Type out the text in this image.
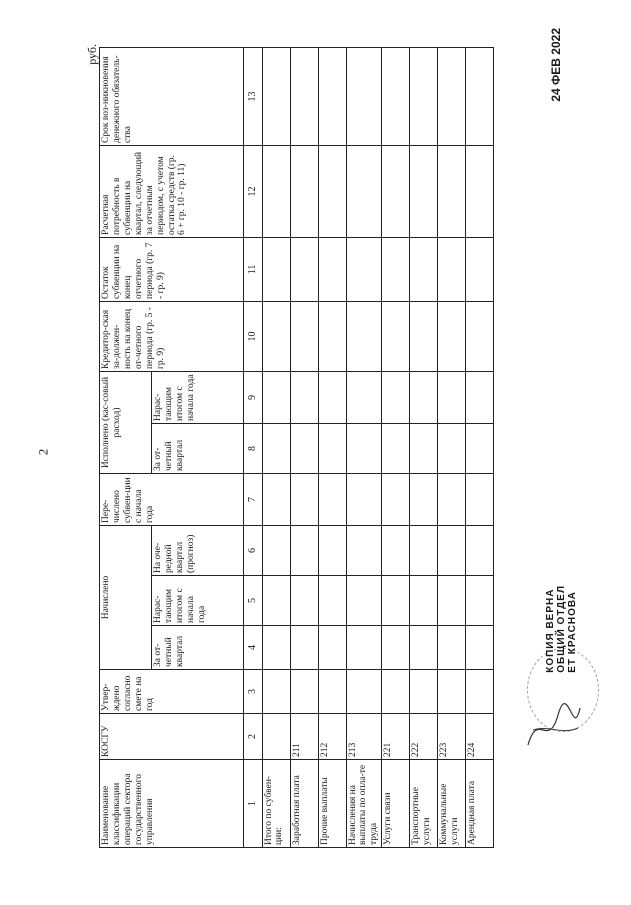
2
руб.
Наименование классификации операций сектора государственного управления	КОСГУ	Утвер-ждено согласно смете на год	Начислено			Пере-числено субвен-ции с начала года	Исполнено (кас-совый расход)		Кредитор-ская за-должен-ность на конец от-четного периода (гр. 5 - гр. 9)	Остаток субвенции на конец отчетного периода (гр. 7 - гр. 9)	Расчетная потребность в субвенции на квартал, следующий за отчетным периодом, с учетом остатка средств (гр. 6 + гр. 10 - гр. 11)	Срок воз-никновения денежного обязатель-ства
			За от-четный квартал	Нарас-тающим итогом с начала года	На оче-редной квартал (прогноз)		За от-четный квартал	Нарас-тающим итогом с начала года				
1	2	3	4	5	6	7	8	9	10	11	12	13
Итого по субвен-ции:												
Заработная плата	211											
Прочие выплаты	212											
Начисления на выплаты по опла-те труда	213											
Услуги связи	221											
Транспортные услуги	222											
Коммунальные услуги	223											
Арендная плата	224											
КОПИЯ ВЕРНА ОБЩИЙ ОТДЕЛ ЕТ КРАСНОВА
24 ФЕВ 2022
